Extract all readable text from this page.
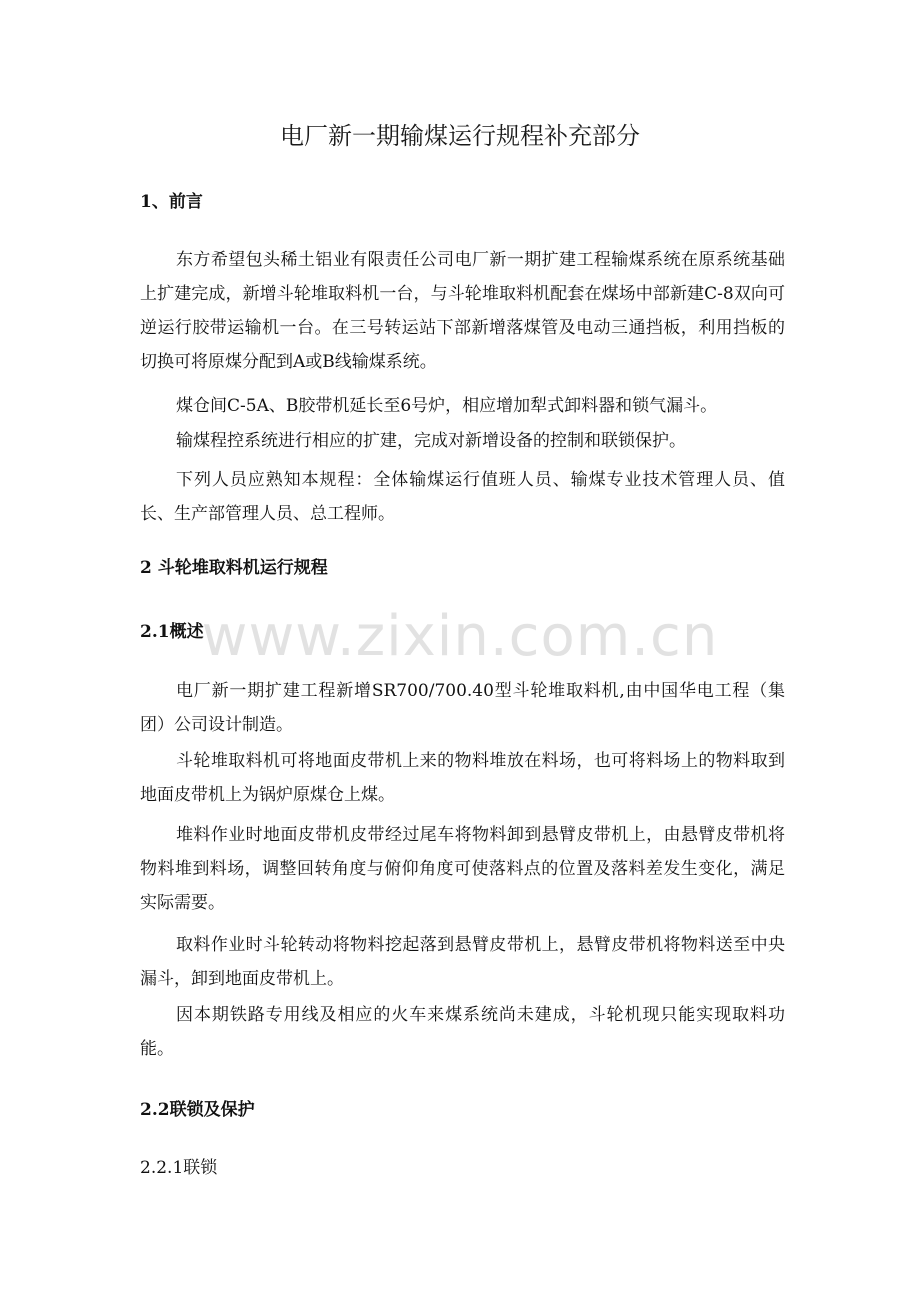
电厂新一期输煤运行规程补充部分
1、前言
东方希望包头稀土铝业有限责任公司电厂新一期扩建工程输煤系统在原系统基础上扩建完成，新增斗轮堆取料机一台，与斗轮堆取料机配套在煤场中部新建C-8双向可逆运行胶带运输机一台。在三号转运站下部新增落煤管及电动三通挡板，利用挡板的切换可将原煤分配到A或B线输煤系统。
煤仓间C-5A、B胶带机延长至6号炉，相应增加犁式卸料器和锁气漏斗。
输煤程控系统进行相应的扩建，完成对新增设备的控制和联锁保护。
下列人员应熟知本规程：全体输煤运行值班人员、输煤专业技术管理人员、值长、生产部管理人员、总工程师。
2 斗轮堆取料机运行规程
2.1概述
电厂新一期扩建工程新增SR700/700.40型斗轮堆取料机,由中国华电工程（集团）公司设计制造。
斗轮堆取料机可将地面皮带机上来的物料堆放在料场，也可将料场上的物料取到地面皮带机上为锅炉原煤仓上煤。
堆料作业时地面皮带机皮带经过尾车将物料卸到悬臂皮带机上，由悬臂皮带机将物料堆到料场，调整回转角度与俯仰角度可使落料点的位置及落料差发生变化，满足实际需要。
取料作业时斗轮转动将物料挖起落到悬臂皮带机上，悬臂皮带机将物料送至中央漏斗，卸到地面皮带机上。
因本期铁路专用线及相应的火车来煤系统尚未建成，斗轮机现只能实现取料功能。
2.2联锁及保护
2.2.1联锁
www.zixin.com.cn
